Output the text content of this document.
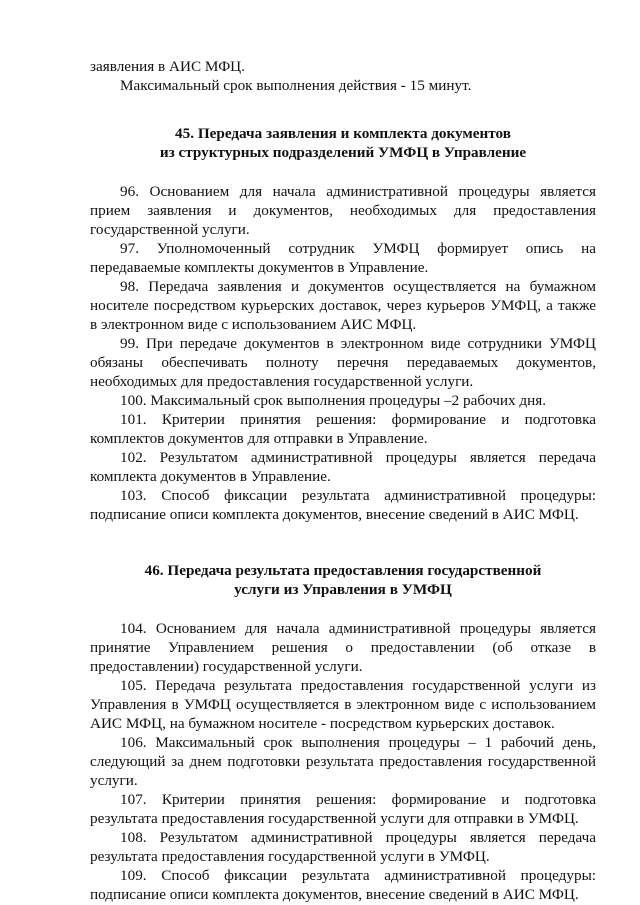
заявления в АИС МФЦ.

Максимальный срок выполнения действия - 15 минут.

45. Передача заявления и комплекта документов

из структурных подразделений УМФЦ в Управление

96. Основанием для начала административной процедуры является прием заявления и документов, необходимых для предоставления государственной услуги.

97. Уполномоченный сотрудник УМФЦ формирует опись на передаваемые комплекты документов в Управление.

98. Передача заявления и документов осуществляется на бумажном носителе посредством курьерских доставок, через курьеров УМФЦ, а также в электронном виде с использованием АИС МФЦ.

99. При передаче документов в электронном виде сотрудники УМФЦ обязаны обеспечивать полноту перечня передаваемых документов, необходимых для предоставления государственной услуги.

100. Максимальный срок выполнения процедуры –2 рабочих дня.

101. Критерии принятия решения: формирование и подготовка комплектов документов для отправки в Управление.

102. Результатом административной процедуры является передача комплекта документов в Управление.

103. Способ фиксации результата административной процедуры: подписание описи комплекта документов, внесение сведений в АИС МФЦ.

46. Передача результата предоставления государственной

услуги из Управления в УМФЦ

104. Основанием для начала административной процедуры является принятие Управлением решения о предоставлении (об отказе в предоставлении) государственной услуги.

105. Передача результата предоставления государственной услуги из Управления в УМФЦ осуществляется в электронном виде с использованием АИС МФЦ, на бумажном носителе - посредством курьерских доставок.

106. Максимальный срок выполнения процедуры – 1 рабочий день, следующий за днем подготовки результата предоставления государственной услуги.

107. Критерии принятия решения: формирование и подготовка результата предоставления государственной услуги для отправки в УМФЦ.

108. Результатом административной процедуры является передача результата предоставления государственной услуги в УМФЦ.

109. Способ фиксации результата административной процедуры: подписание описи комплекта документов, внесение сведений в АИС МФЦ.
